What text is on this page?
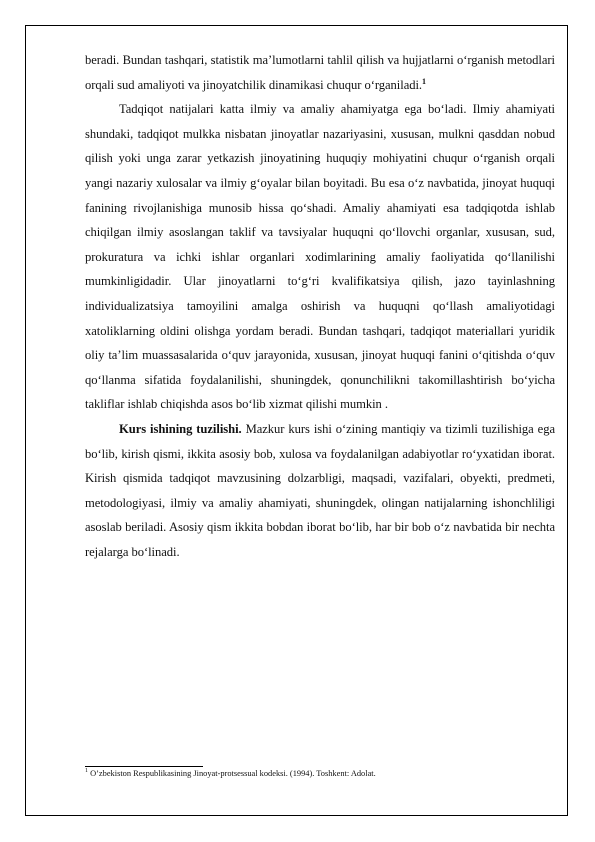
beradi. Bundan tashqari, statistik ma’lumotlarni tahlil qilish va hujjatlarni o‘rganish metodlari orqali sud amaliyoti va jinoyatchilik dinamikasi chuqur o‘rganiladi.$^1$

Tadqiqot natijalari katta ilmiy va amaliy ahamiyatga ega bo‘ladi. Ilmiy ahamiyati shundaki, tadqiqot mulkka nisbatan jinoyatlar nazariyasini, xususan, mulkni qasddan nobud qilish yoki unga zarar yetkazish jinoyatining huquqiy mohiyatini chuqur o‘rganish orqali yangi nazariy xulosalar va ilmiy g‘oyalar bilan boyitadi. Bu esa o‘z navbatida, jinoyat huquqi fanining rivojlanishiga munosib hissa qo‘shadi. Amaliy ahamiyati esa tadqiqotda ishlab chiqilgan ilmiy asoslangan taklif va tavsiyalar huquqni qo‘llovchi organlar, xususan, sud, prokuratura va ichki ishlar organlari xodimlarining amaliy faoliyatida qo‘llanilishi mumkinligidadir. Ular jinoyatlarni to‘g‘ri kvalifikatsiya qilish, jazo tayinlashning individualizatsiya tamoyilini amalga oshirish va huquqni qo‘llash amaliyotidagi xatoliklarning oldini olishga yordam beradi. Bundan tashqari, tadqiqot materiallari yuridik oliy ta’lim muassasalarida o‘quv jarayonida, xususan, jinoyat huquqi fanini o‘qitishda o‘quv qo‘llanma sifatida foydalanilishi, shuningdek, qonunchilikni takomillashtirish bo‘yicha takliflar ishlab chiqishda asos bo‘lib xizmat qilishi mumkin .

Kurs ishining tuzilishi. Mazkur kurs ishi o‘zining mantiqiy va tizimli tuzilishiga ega bo‘lib, kirish qismi, ikkita asosiy bob, xulosa va foydalanilgan adabiyotlar ro‘yxatidan iborat. Kirish qismida tadqiqot mavzusining dolzarbligi, maqsadi, vazifalari, obyekti, predmeti, metodologiyasi, ilmiy va amaliy ahamiyati, shuningdek, olingan natijalarning ishonchliligi asoslab beriladi. Asosiy qism ikkita bobdan iborat bo‘lib, har bir bob o‘z navbatida bir nechta rejalarga bo‘linadi.

$^1$ O’zbekiston Respublikasining Jinoyat-protsessual kodeksi. (1994). Toshkent: Adolat.
